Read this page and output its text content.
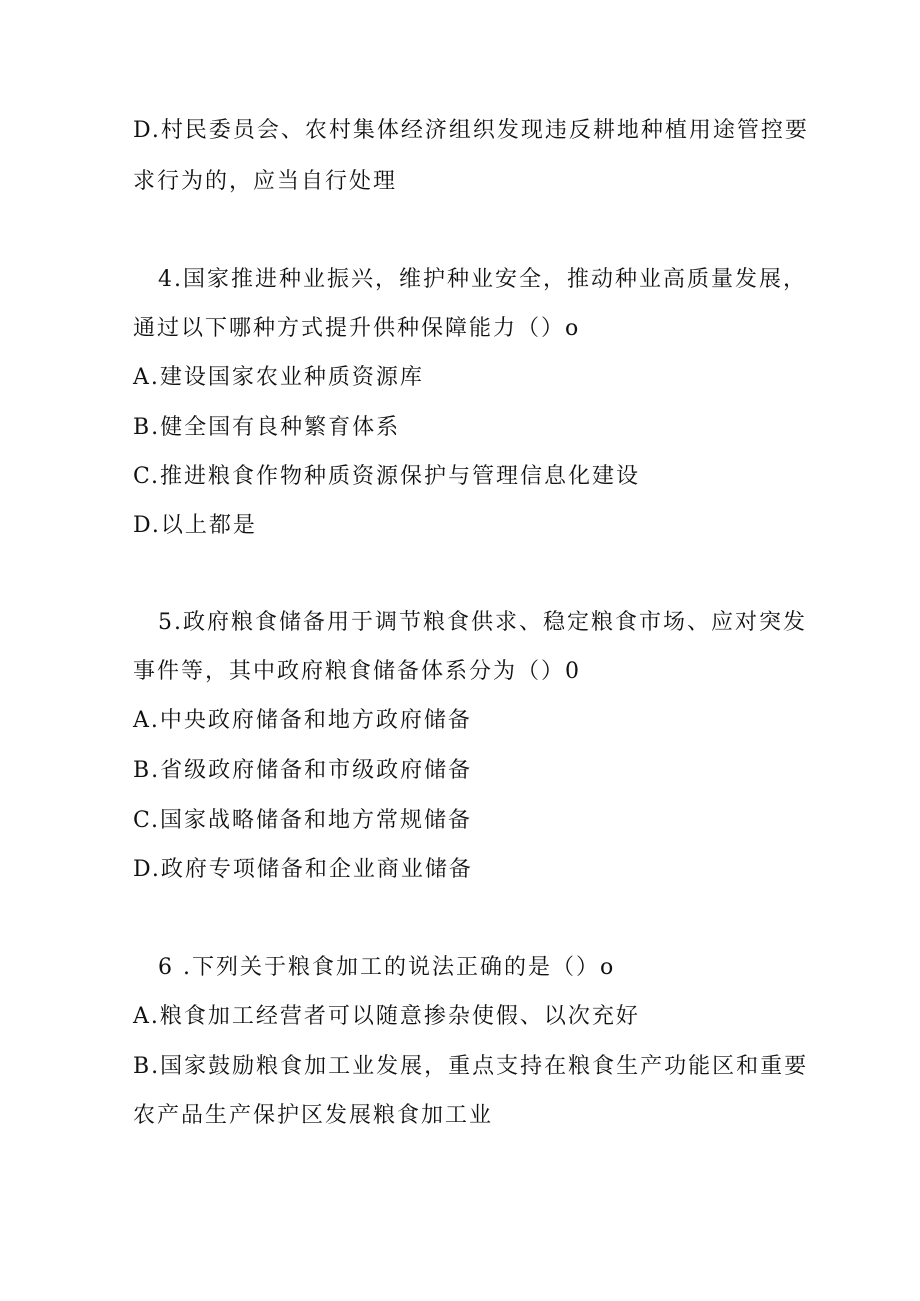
D.村民委员会、农村集体经济组织发现违反耕地种植用途管控要
求行为的，应当自行处理
4.国家推进种业振兴，维护种业安全，推动种业高质量发展，
通过以下哪种方式提升供种保障能力（）o
A.建设国家农业种质资源库
B.健全国有良种繁育体系
C.推进粮食作物种质资源保护与管理信息化建设
D.以上都是
5.政府粮食储备用于调节粮食供求、稳定粮食市场、应对突发
事件等，其中政府粮食储备体系分为（）0
A.中央政府储备和地方政府储备
B.省级政府储备和市级政府储备
C.国家战略储备和地方常规储备
D.政府专项储备和企业商业储备
6 .下列关于粮食加工的说法正确的是（）o
A.粮食加工经营者可以随意掺杂使假、以次充好
B.国家鼓励粮食加工业发展，重点支持在粮食生产功能区和重要
农产品生产保护区发展粮食加工业
